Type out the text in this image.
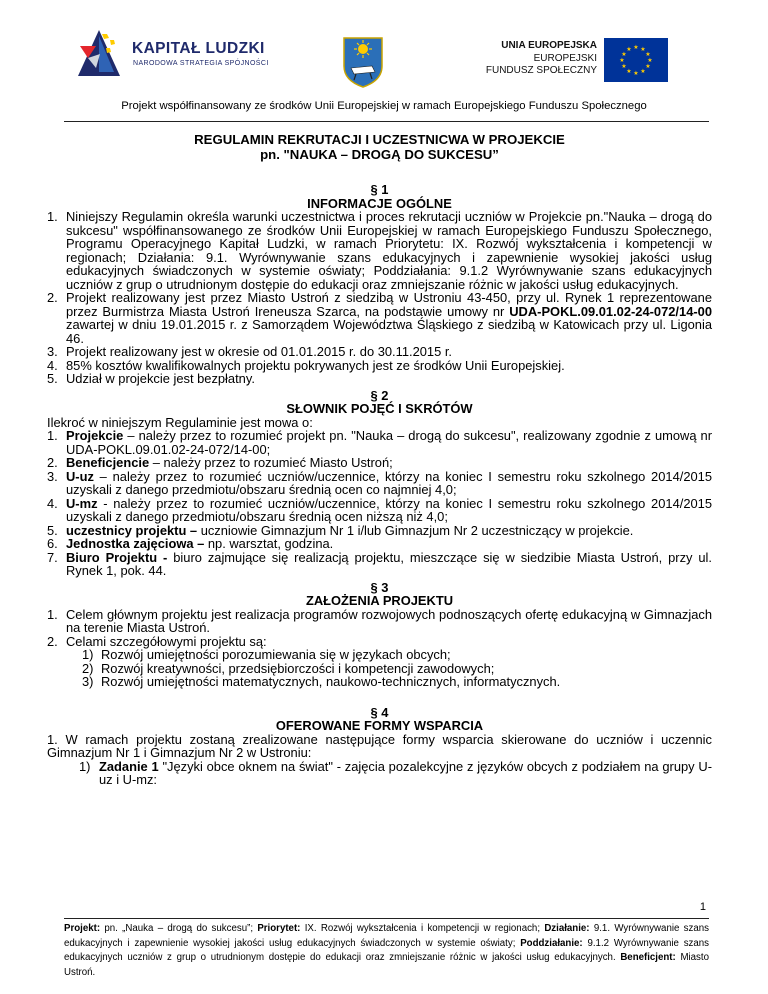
KAPITAŁ LUDZKI
NARODOWA STRATEGIA SPÓJNOŚCI
UNIA EUROPEJSKA
EUROPEJSKI
FUNDUSZ SPOŁECZNY
★ ★
★
★
★
★
★
★
★
★
★
★
Projekt współfinansowany ze środków Unii Europejskiej w ramach Europejskiego Funduszu Społecznego
REGULAMIN REKRUTACJI I UCZESTNICWA W PROJEKCIE
pn. "NAUKA – DROGĄ DO SUKCESU”
§ 1
INFORMACJE OGÓLNE
1. Niniejszy Regulamin określa warunki uczestnictwa i proces rekrutacji uczniów w Projekcie pn."Nauka – drogą do sukcesu" współfinansowanego ze środków Unii Europejskiej w ramach Europejskiego Funduszu Społecznego, Programu Operacyjnego Kapitał Ludzki, w ramach Priorytetu: IX. Rozwój wykształcenia i kompetencji w regionach; Działania: 9.1. Wyrównywanie szans edukacyjnych i zapewnienie wysokiej jakości usług edukacyjnych świadczonych w systemie oświaty; Poddziałania: 9.1.2 Wyrównywanie szans edukacyjnych uczniów z grup o utrudnionym dostępie do edukacji oraz zmniejszanie różnic w jakości usług edukacyjnych.
2. Projekt realizowany jest przez Miasto Ustroń z siedzibą w Ustroniu 43-450, przy ul. Rynek 1 reprezentowane przez Burmistrza Miasta Ustroń Ireneusza Szarca, na podstawie umowy nr UDA-POKL.09.01.02-24-072/14-00 zawartej w dniu 19.01.2015 r. z Samorządem Województwa Śląskiego z siedzibą w Katowicach przy ul. Ligonia 46.
3. Projekt realizowany jest w okresie od 01.01.2015 r. do 30.11.2015 r.
4. 85% kosztów kwalifikowalnych projektu pokrywanych jest ze środków Unii Europejskiej.
5. Udział w projekcie jest bezpłatny.
§ 2
SŁOWNIK POJĘĆ I SKRÓTÓW
Ilekroć w niniejszym Regulaminie jest mowa o:
1. Projekcie – należy przez to rozumieć projekt pn. "Nauka – drogą do sukcesu", realizowany zgodnie z umową nr UDA-POKL.09.01.02-24-072/14-00;
2. Beneficjencie – należy przez to rozumieć Miasto Ustroń;
3. U-uz – należy przez to rozumieć uczniów/uczennice, którzy na koniec I semestru roku szkolnego 2014/2015 uzyskali z danego przedmiotu/obszaru średnią ocen co najmniej 4,0;
4. U-mz - należy przez to rozumieć uczniów/uczennice, którzy na koniec I semestru roku szkolnego 2014/2015 uzyskali z danego przedmiotu/obszaru średnią ocen niższą niż 4,0;
5. uczestnicy projektu – uczniowie Gimnazjum Nr 1 i/lub Gimnazjum Nr 2 uczestniczący w projekcie.
6. Jednostka zajęciowa – np. warsztat, godzina.
7. Biuro Projektu - biuro zajmujące się realizacją projektu, mieszczące się w siedzibie Miasta Ustroń, przy ul. Rynek 1, pok. 44.
§ 3
ZAŁOŻENIA PROJEKTU
1. Celem głównym projektu jest realizacja programów rozwojowych podnoszących ofertę edukacyjną w Gimnazjach na terenie Miasta Ustroń.
2. Celami szczegółowymi projektu są:
1) Rozwój umiejętności porozumiewania się w językach obcych;
2) Rozwój kreatywności, przedsiębiorczości i kompetencji zawodowych;
3) Rozwój umiejętności matematycznych, naukowo-technicznych, informatycznych.
§ 4
OFEROWANE FORMY WSPARCIA
1. W ramach projektu zostaną zrealizowane następujące formy wsparcia skierowane do uczniów i uczennic Gimnazjum Nr 1 i Gimnazjum Nr 2 w Ustroniu:
1) Zadanie 1 "Języki obce oknem na świat" - zajęcia pozalekcyjne z języków obcych z podziałem na grupy U-uz i U-mz:
1
Projekt: pn. „Nauka – drogą do sukcesu”; Priorytet: IX. Rozwój wykształcenia i kompetencji w regionach; Działanie: 9.1. Wyrównywanie szans edukacyjnych i zapewnienie wysokiej jakości usług edukacyjnych świadczonych w systemie oświaty; Poddziałanie: 9.1.2 Wyrównywanie szans edukacyjnych uczniów z grup o utrudnionym dostępie do edukacji oraz zmniejszanie różnic w jakości usług edukacyjnych. Beneficjent: Miasto Ustroń.
